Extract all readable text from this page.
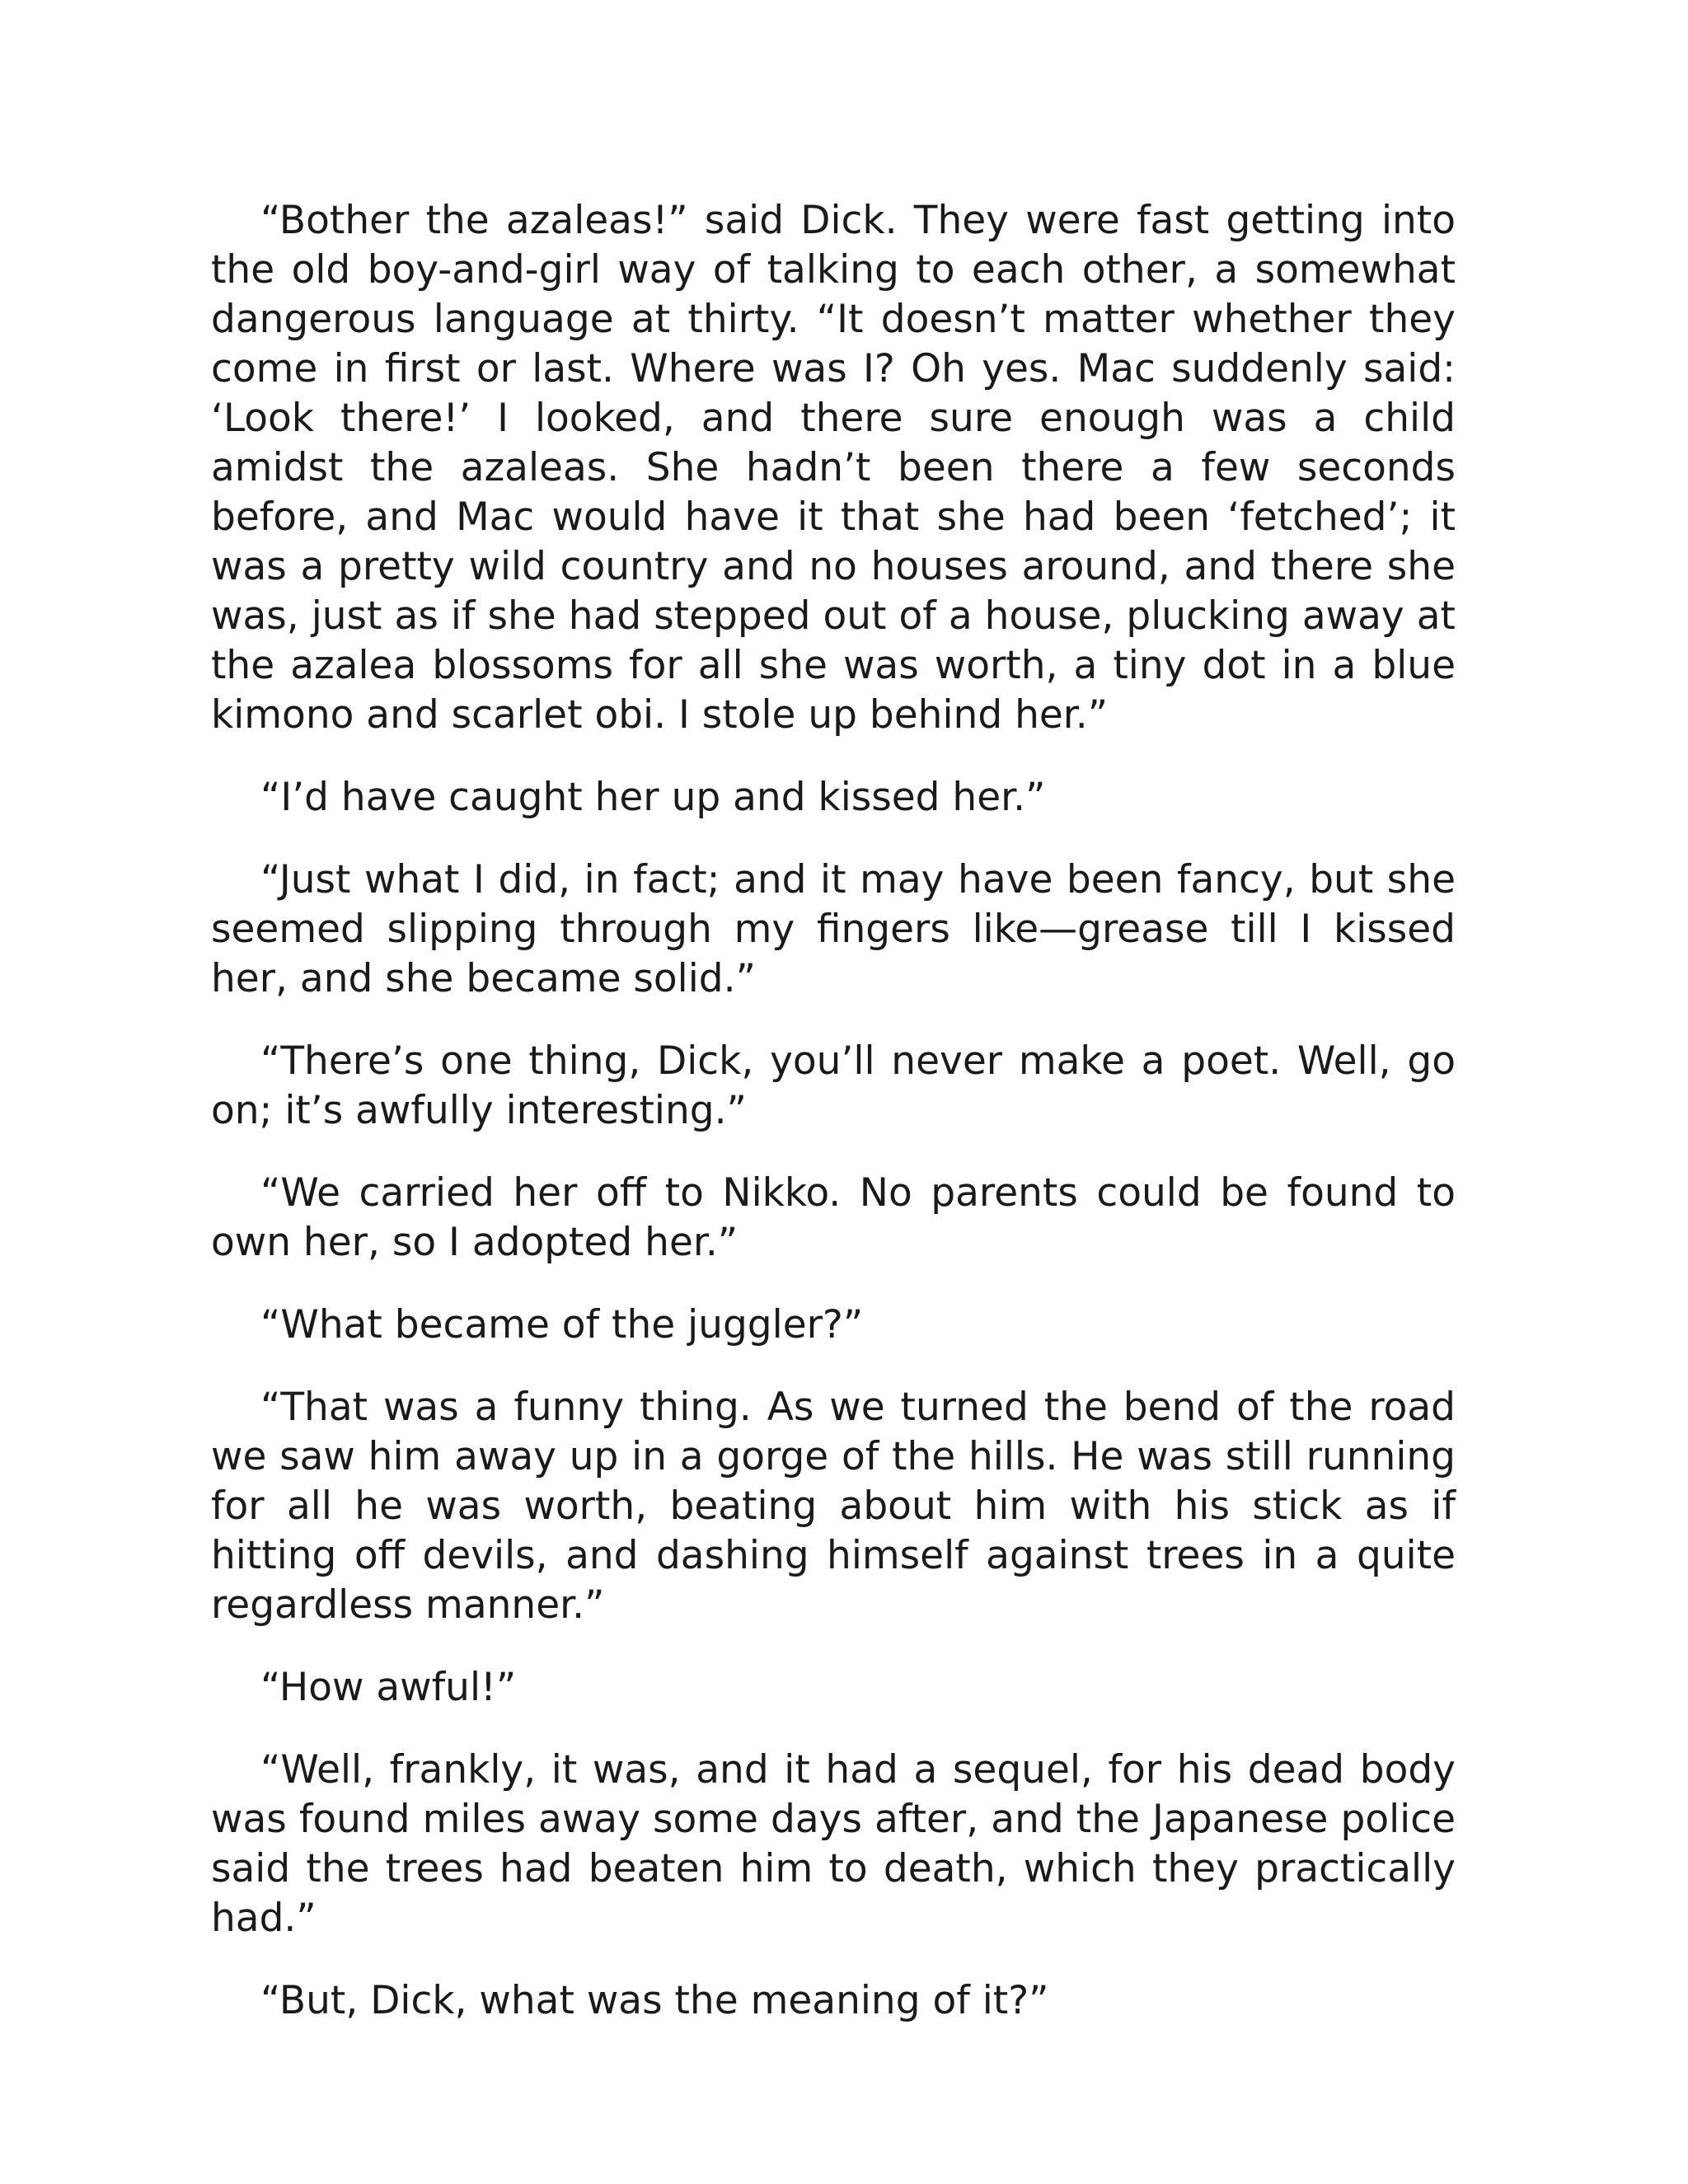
“Bother the azaleas!” said Dick. They were fast getting into the old boy-and-girl way of talking to each other, a somewhat dangerous language at thirty. “It doesn’t matter whether they come in first or last. Where was I? Oh yes. Mac suddenly said: ‘Look there!’ I looked, and there sure enough was a child amidst the azaleas. She hadn’t been there a few seconds before, and Mac would have it that she had been ‘fetched’; it was a pretty wild country and no houses around, and there she was, just as if she had stepped out of a house, plucking away at the azalea blossoms for all she was worth, a tiny dot in a blue kimono and scarlet obi. I stole up behind her.”

“I’d have caught her up and kissed her.”

“Just what I did, in fact; and it may have been fancy, but she seemed slipping through my fingers like—grease till I kissed her, and she became solid.”

“There’s one thing, Dick, you’ll never make a poet. Well, go on; it’s awfully interesting.”

“We carried her off to Nikko. No parents could be found to own her, so I adopted her.”

“What became of the juggler?”

“That was a funny thing. As we turned the bend of the road we saw him away up in a gorge of the hills. He was still running for all he was worth, beating about him with his stick as if hitting off devils, and dashing himself against trees in a quite regardless manner.”

“How awful!”

“Well, frankly, it was, and it had a sequel, for his dead body was found miles away some days after, and the Japanese police said the trees had beaten him to death, which they practically had.”

“But, Dick, what was the meaning of it?”
